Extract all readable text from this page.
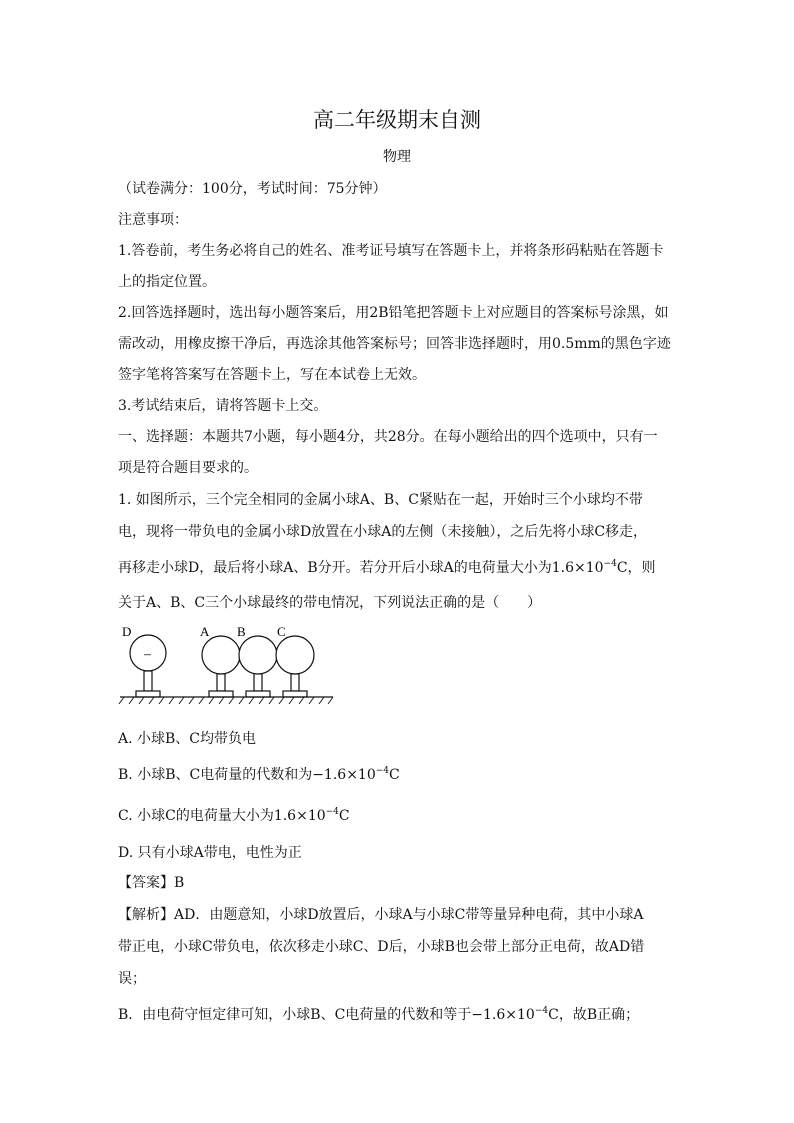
高二年级期末自测
物理
（试卷满分：100分，考试时间：75分钟）
注意事项：
1.答卷前，考生务必将自己的姓名、准考证号填写在答题卡上，并将条形码粘贴在答题卡
上的指定位置。
2.回答选择题时，选出每小题答案后，用2B铅笔把答题卡上对应题目的答案标号涂黑，如
需改动，用橡皮擦干净后，再选涂其他答案标号；回答非选择题时，用0.5mm的黑色字迹
签字笔将答案写在答题卡上，写在本试卷上无效。
3.考试结束后，请将答题卡上交。
一、选择题：本题共7小题，每小题4分，共28分。在每小题给出的四个选项中，只有一
项是符合题目要求的。
1. 如图所示，三个完全相同的金属小球A、B、C紧贴在一起，开始时三个小球均不带
电，现将一带负电的金属小球D放置在小球A的左侧（未接触），之后先将小球C移走，
再移走小球D，最后将小球A、B分开。若分开后小球A的电荷量大小为$1.6\times 10^{-4}C$，则
关于A、B、C三个小球最终的带电情况，下列说法正确的是（　　）
D	A B C
–
A. 小球B、C均带负电
B. 小球B、C电荷量的代数和为$-1.6\times 10^{-4}C$
C. 小球C的电荷量大小为$1.6\times 10^{-4}C$
D. 只有小球A带电，电性为正
【答案】B
【解析】AD．由题意知，小球D放置后，小球A与小球C带等量异种电荷，其中小球A
带正电，小球C带负电，依次移走小球C、D后，小球B也会带上部分正电荷，故AD错
误；
B．由电荷守恒定律可知，小球B、C电荷量的代数和等于$-1.6\times 10^{-4}C$，故B正确；
